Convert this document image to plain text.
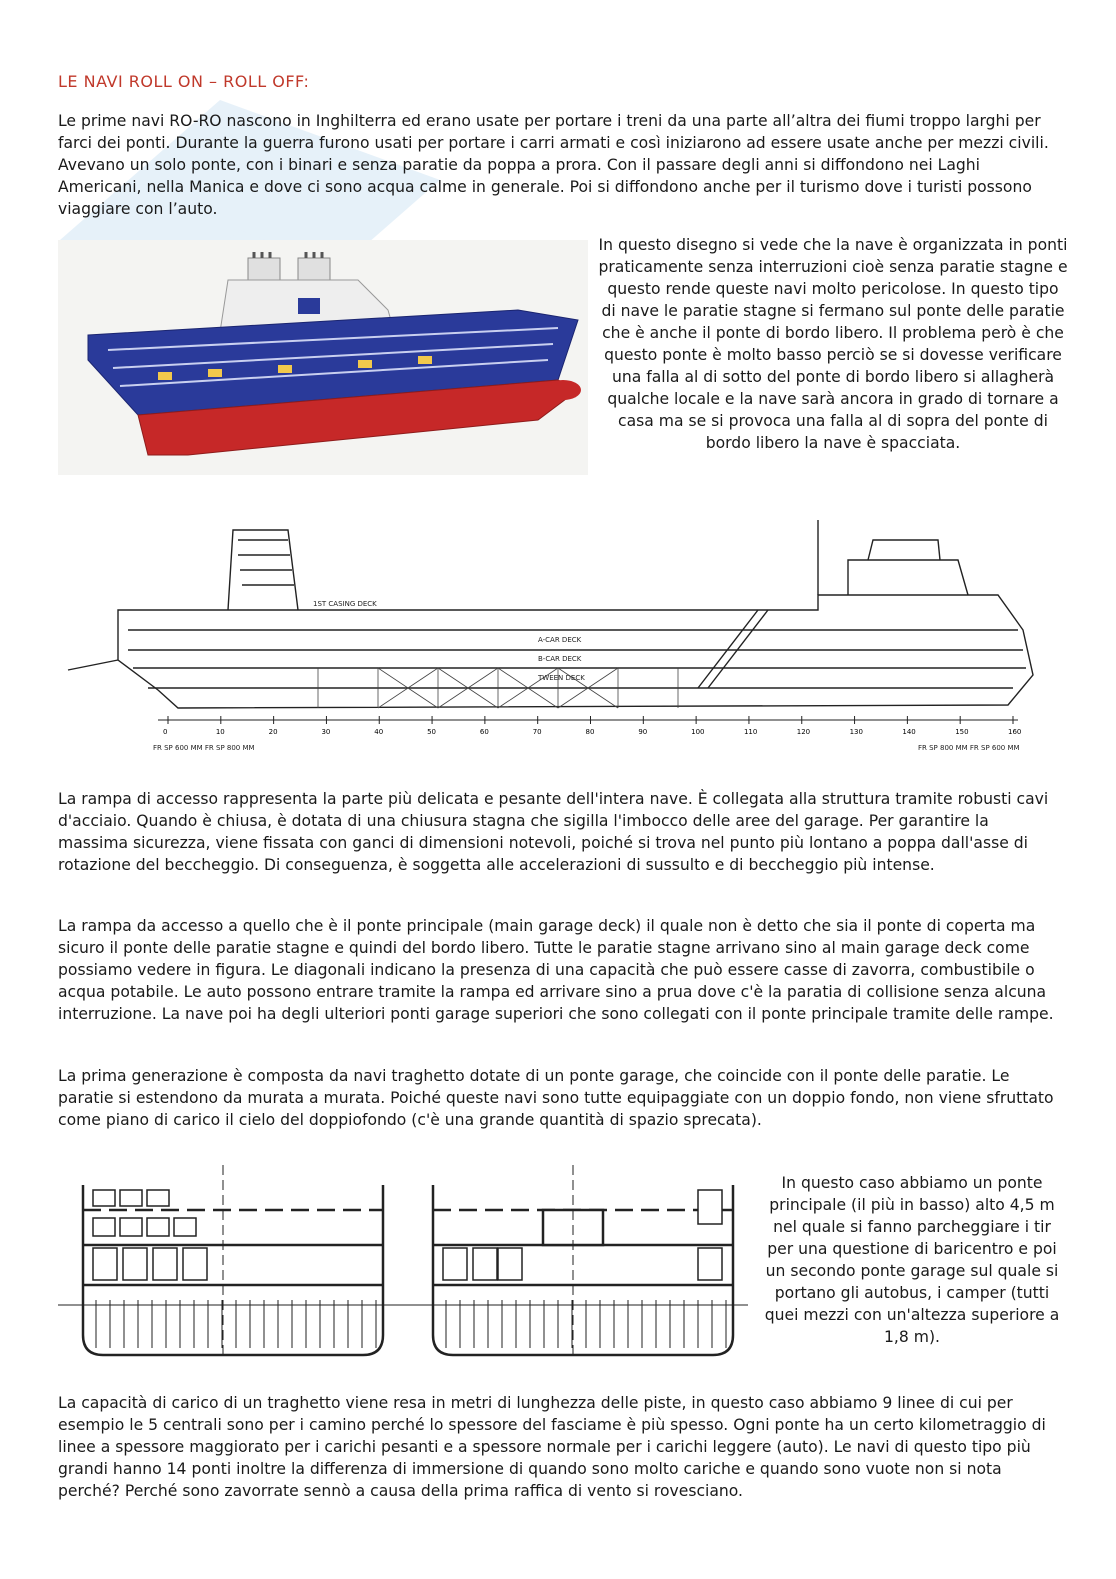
LE NAVI ROLL ON – ROLL OFF:

Le prime navi RO-RO nascono in Inghilterra ed erano usate per portare i treni da una parte all’altra dei fiumi troppo larghi per farci dei ponti. Durante la guerra furono usati per portare i carri armati e così iniziarono ad essere usate anche per mezzi civili. Avevano un solo ponte, con i binari e senza paratie da poppa a prora. Con il passare degli anni si diffondono nei Laghi Americani, nella Manica e dove ci sono acqua calme in generale. Poi si diffondono anche per il turismo dove i turisti possono viaggiare con l’auto.

In questo disegno si vede che la nave è organizzata in ponti praticamente senza interruzioni cioè senza paratie stagne e questo rende queste navi molto pericolose. In questo tipo di nave le paratie stagne si fermano sul ponte delle paratie che è anche il ponte di bordo libero. Il problema però è che questo ponte è molto basso perciò se si dovesse verificare una falla al di sotto del ponte di bordo libero si allagherà qualche locale e la nave sarà ancora in grado di tornare a casa ma se si provoca una falla al di sopra del ponte di bordo libero la nave è spacciata.

1ST CASING DECK
A-CAR DECK
B-CAR DECK
TWEEN DECK
0	10	20	30	40	50	60	70	80	90	100	110	120	130	140	150	160
FR SP 600 MM FR SP 800 MM	FR SP 800 MM FR SP 600 MM

La rampa di accesso rappresenta la parte più delicata e pesante dell'intera nave. È collegata alla struttura tramite robusti cavi d'acciaio. Quando è chiusa, è dotata di una chiusura stagna che sigilla l'imbocco delle aree del garage. Per garantire la massima sicurezza, viene fissata con ganci di dimensioni notevoli, poiché si trova nel punto più lontano a poppa dall'asse di rotazione del beccheggio. Di conseguenza, è soggetta alle accelerazioni di sussulto e di beccheggio più intense.

La rampa da accesso a quello che è il ponte principale (main garage deck) il quale non è detto che sia il ponte di coperta ma sicuro il ponte delle paratie stagne e quindi del bordo libero. Tutte le paratie stagne arrivano sino al main garage deck come possiamo vedere in figura. Le diagonali indicano la presenza di una capacità che può essere casse di zavorra, combustibile o acqua potabile. Le auto possono entrare tramite la rampa ed arrivare sino a prua dove c'è la paratia di collisione senza alcuna interruzione. La nave poi ha degli ulteriori ponti garage superiori che sono collegati con il ponte principale tramite delle rampe.

La prima generazione è composta da navi traghetto dotate di un ponte garage, che coincide con il ponte delle paratie. Le paratie si estendono da murata a murata. Poiché queste navi sono tutte equipaggiate con un doppio fondo, non viene sfruttato come piano di carico il cielo del doppiofondo (c'è una grande quantità di spazio sprecata).

In questo caso abbiamo un ponte principale (il più in basso) alto 4,5 m nel quale si fanno parcheggiare i tir per una questione di baricentro e poi un secondo ponte garage sul quale si portano gli autobus, i camper (tutti quei mezzi con un'altezza superiore a 1,8 m).

La capacità di carico di un traghetto viene resa in metri di lunghezza delle piste, in questo caso abbiamo 9 linee di cui per esempio le 5 centrali sono per i camino perché lo spessore del fasciame è più spesso. Ogni ponte ha un certo kilometraggio di linee a spessore maggiorato per i carichi pesanti e a spessore normale per i carichi leggere (auto). Le navi di questo tipo più grandi hanno 14 ponti inoltre la differenza di immersione di quando sono molto cariche e quando sono vuote non si nota perché? Perché sono zavorrate sennò a causa della prima raffica di vento si rovesciano.
